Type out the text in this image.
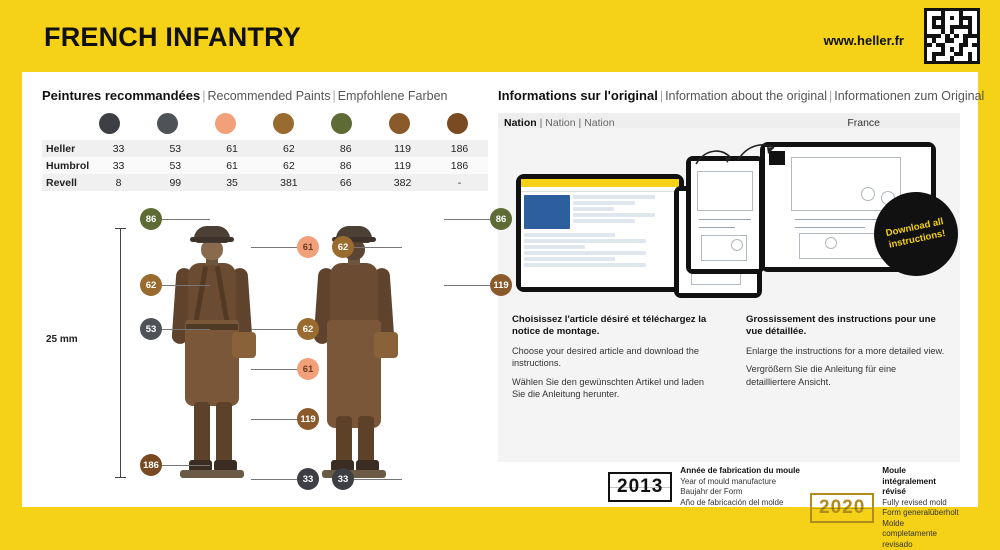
FRENCH INFANTRY	www.heller.fr
Peintures recommandées | Recommended Paints | Empfohlene Farben
Heller	33	53	61	62	86	119	186
Humbrol	33	53	61	62	86	119	186
Revell	8	99	35	381	66	382	-
25 mm
86
61
62
53	62
61
119
186
33
86
62
119
33
Informations sur l'original | Information about the original | Informationen zum Original
Nation | Nation | Nation	France
Download all instructions!
Choisissez l'article désiré et téléchargez la notice de montage.

Choose your desired article and download the instructions.

Wählen Sie den gewünschten Artikel und laden Sie die Anleitung herunter.

Grossissement des instructions pour une vue détaillée.

Enlarge the instructions for a more detailed view.

Vergrößern Sie die Anleitung für eine detailliertere Ansicht.

2013
Année de fabrication du moule
Year of mould manufacture
Baujahr der Form
Año de fabricación del molde	2020
Moule intégralement révisé
Fully revised mold
Form generalüberholt
Molde completamente revisado
